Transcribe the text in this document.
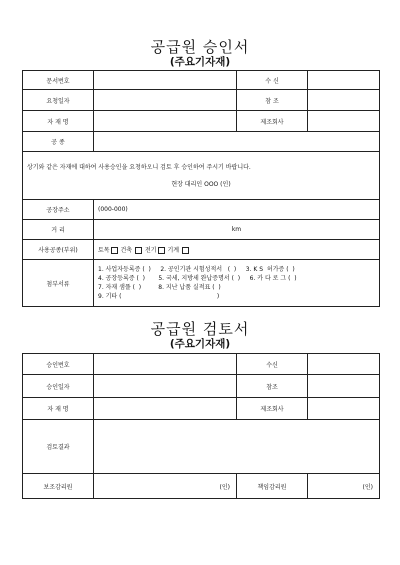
공급원 승인서
(주요기자재)
문서번호		수 신	
요청일자		참 조	
자 재 명		제조회사	
공 종			

상기와 같은 자재에 대하여 사용승인을 요청하오니 검토 후 승인하여 주시기 바랍니다.
현장 대리인 OOO (인)			

공장주소	(000-000)		
거 리	km		
사용공종(부위)	토목 건축 전기 기계		
첨부서류	1. 사업자등록증 (  )     2. 공인기관 시험성적서   (  )     3. K S  허가증 (  )
4. 공장등록증 (  )       5. 국세, 지방세 완납증명서 (  )     6. 카 다 로 그 (  )
7. 자재 샘플 (  )         8. 지난 납품 실적표 (  )
9. 기타 (                                                  )		
공급원 검토서
(주요기자재)
승인번호		수신	
승인일자		참조	
자 재 명		제조회사	
검토결과			
보조감리원	(인)	책임감리원	(인)
